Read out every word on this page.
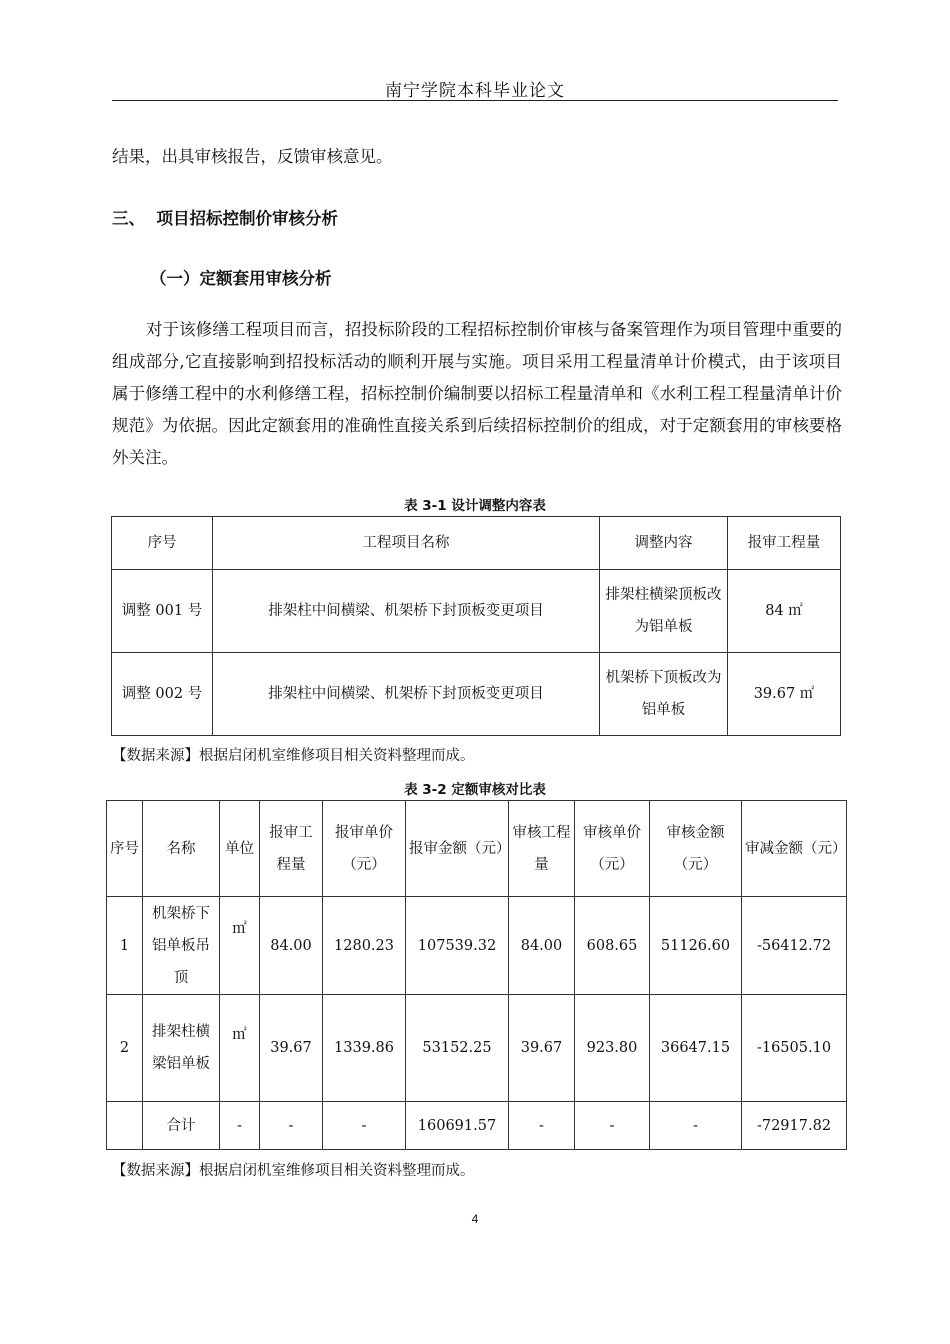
南宁学院本科毕业论文
结果，出具审核报告，反馈审核意见。
三、  项目招标控制价审核分析
（一）定额套用审核分析
对于该修缮工程项目而言，招投标阶段的工程招标控制价审核与备案管理作为项目管理中重要的组成部分,它直接影响到招投标活动的顺利开展与实施。项目采用工程量清单计价模式，由于该项目属于修缮工程中的水利修缮工程，招标控制价编制要以招标工程量清单和《水利工程工程量清单计价规范》为依据。因此定额套用的准确性直接关系到后续招标控制价的组成，对于定额套用的审核要格外关注。
表 3-1 设计调整内容表
序号	工程项目名称	调整内容	报审工程量
调整 001 号	排架柱中间横梁、机架桥下封顶板变更项目	排架柱横梁顶板改为铝单板	84 ㎡
调整 002 号	排架柱中间横梁、机架桥下封顶板变更项目	机架桥下顶板改为铝单板	39.67 ㎡
【数据来源】根据启闭机室维修项目相关资料整理而成。
表 3-2 定额审核对比表
序号	名称	单位	报审工程量	报审单价（元）	报审金额（元）	审核工程量	审核单价（元）	审核金额（元）	审减金额（元）
1	机架桥下铝单板吊顶	㎡	84.00	1280.23	107539.32	84.00	608.65	51126.60	-56412.72
2	排架柱横梁铝单板	㎡	39.67	1339.86	53152.25	39.67	923.80	36647.15	-16505.10
	合计	-	-	-	160691.57	-	-	-	-72917.82
【数据来源】根据启闭机室维修项目相关资料整理而成。
4
